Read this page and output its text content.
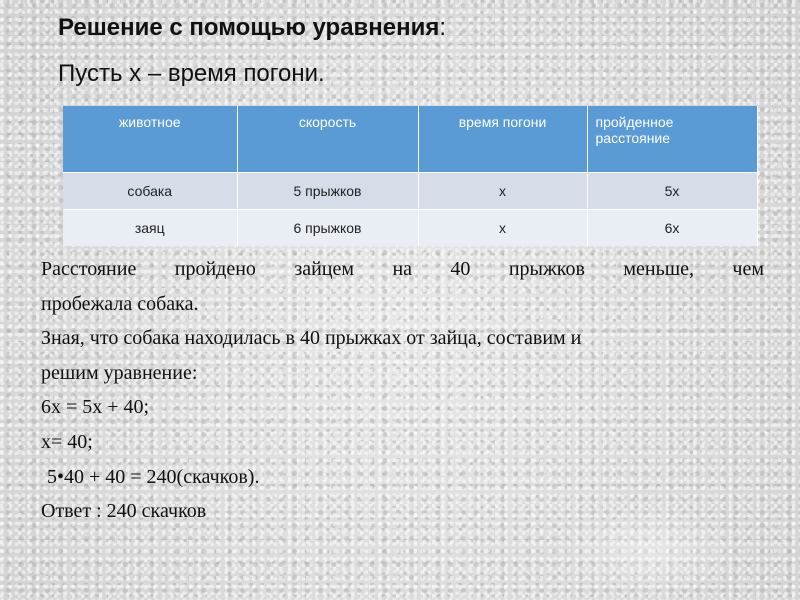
Решение с помощью уравнения:
Пусть х – время погони.
животное	скорость	время погони	пройденное расстояние
собака	5 прыжков	х	5х
заяц	6 прыжков	х	6х

Расстояние пройдено зайцем на 40 прыжков меньше, чем

пробежала собака.

Зная, что собака находилась в 40 прыжках от зайца, составим и

решим уравнение:

6х = 5х + 40;

х= 40;

5•40 + 40 = 240(скачков).

Ответ : 240 скачков
